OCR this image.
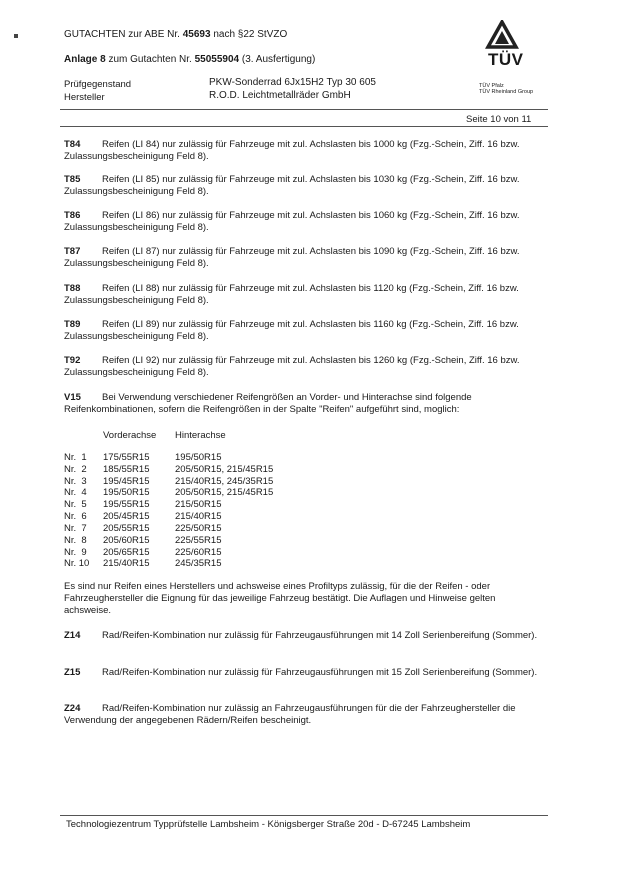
GUTACHTEN zur ABE Nr. 45693 nach §22 StVZO
Anlage 8 zum Gutachten Nr. 55055904 (3. Ausfertigung)
Prüfgegenstand
Hersteller
PKW-Sonderrad 6Jx15H2 Typ 30 605
R.O.D. Leichtmetallräder GmbH
TÜV
TÜV Pfalz
TÜV Rheinland Group
Seite 10 von 11
T84 Reifen (LI 84) nur zulässig für Fahrzeuge mit zul. Achslasten bis 1000 kg (Fzg.-Schein, Ziff. 16 bzw. Zulassungsbescheinigung Feld 8).
T85 Reifen (LI 85) nur zulässig für Fahrzeuge mit zul. Achslasten bis 1030 kg (Fzg.-Schein, Ziff. 16 bzw. Zulassungsbescheinigung Feld 8).
T86 Reifen (LI 86) nur zulässig für Fahrzeuge mit zul. Achslasten bis 1060 kg (Fzg.-Schein, Ziff. 16 bzw. Zulassungsbescheinigung Feld 8).
T87 Reifen (LI 87) nur zulässig für Fahrzeuge mit zul. Achslasten bis 1090 kg (Fzg.-Schein, Ziff. 16 bzw. Zulassungsbescheinigung Feld 8).
T88 Reifen (LI 88) nur zulässig für Fahrzeuge mit zul. Achslasten bis 1120 kg (Fzg.-Schein, Ziff. 16 bzw. Zulassungsbescheinigung Feld 8).
T89 Reifen (LI 89) nur zulässig für Fahrzeuge mit zul. Achslasten bis 1160 kg (Fzg.-Schein, Ziff. 16 bzw. Zulassungsbescheinigung Feld 8).
T92 Reifen (LI 92) nur zulässig für Fahrzeuge mit zul. Achslasten bis 1260 kg (Fzg.-Schein, Ziff. 16 bzw. Zulassungsbescheinigung Feld 8).
V15 Bei Verwendung verschiedener Reifengrößen an Vorder- und Hinterachse sind folgende Reifenkombinationen, sofern die Reifengrößen in der Spalte "Reifen" aufgeführt sind, moglich:
Vorderachse Hinterachse
Nr.  1	175/55R15	195/50R15
Nr.  2	185/55R15	205/50R15, 215/45R15
Nr.  3	195/45R15	215/40R15, 245/35R15
Nr.  4	195/50R15	205/50R15, 215/45R15
Nr.  5	195/55R15	215/50R15
Nr.  6	205/45R15	215/40R15
Nr.  7	205/55R15	225/50R15
Nr.  8	205/60R15	225/55R15
Nr.  9	205/65R15	225/60R15
Nr. 10	215/40R15	245/35R15
Es sind nur Reifen eines Herstellers und achsweise eines Profiltyps zulässig, für die der Reifen - oder Fahrzeughersteller die Eignung für das jeweilige Fahrzeug bestätigt. Die Auflagen und Hinweise gelten achsweise.
Z14 Rad/Reifen-Kombination nur zulässig für Fahrzeugausführungen mit 14 Zoll Serienbereifung (Sommer).
Z15 Rad/Reifen-Kombination nur zulässig für Fahrzeugausführungen mit 15 Zoll Serienbereifung (Sommer).
Z24 Rad/Reifen-Kombination nur zulässig an Fahrzeugausführungen für die der Fahrzeughersteller die Verwendung der angegebenen Rädern/Reifen bescheinigt.
Technologiezentrum Typprüfstelle Lambsheim - Königsberger Straße 20d - D-67245 Lambsheim
